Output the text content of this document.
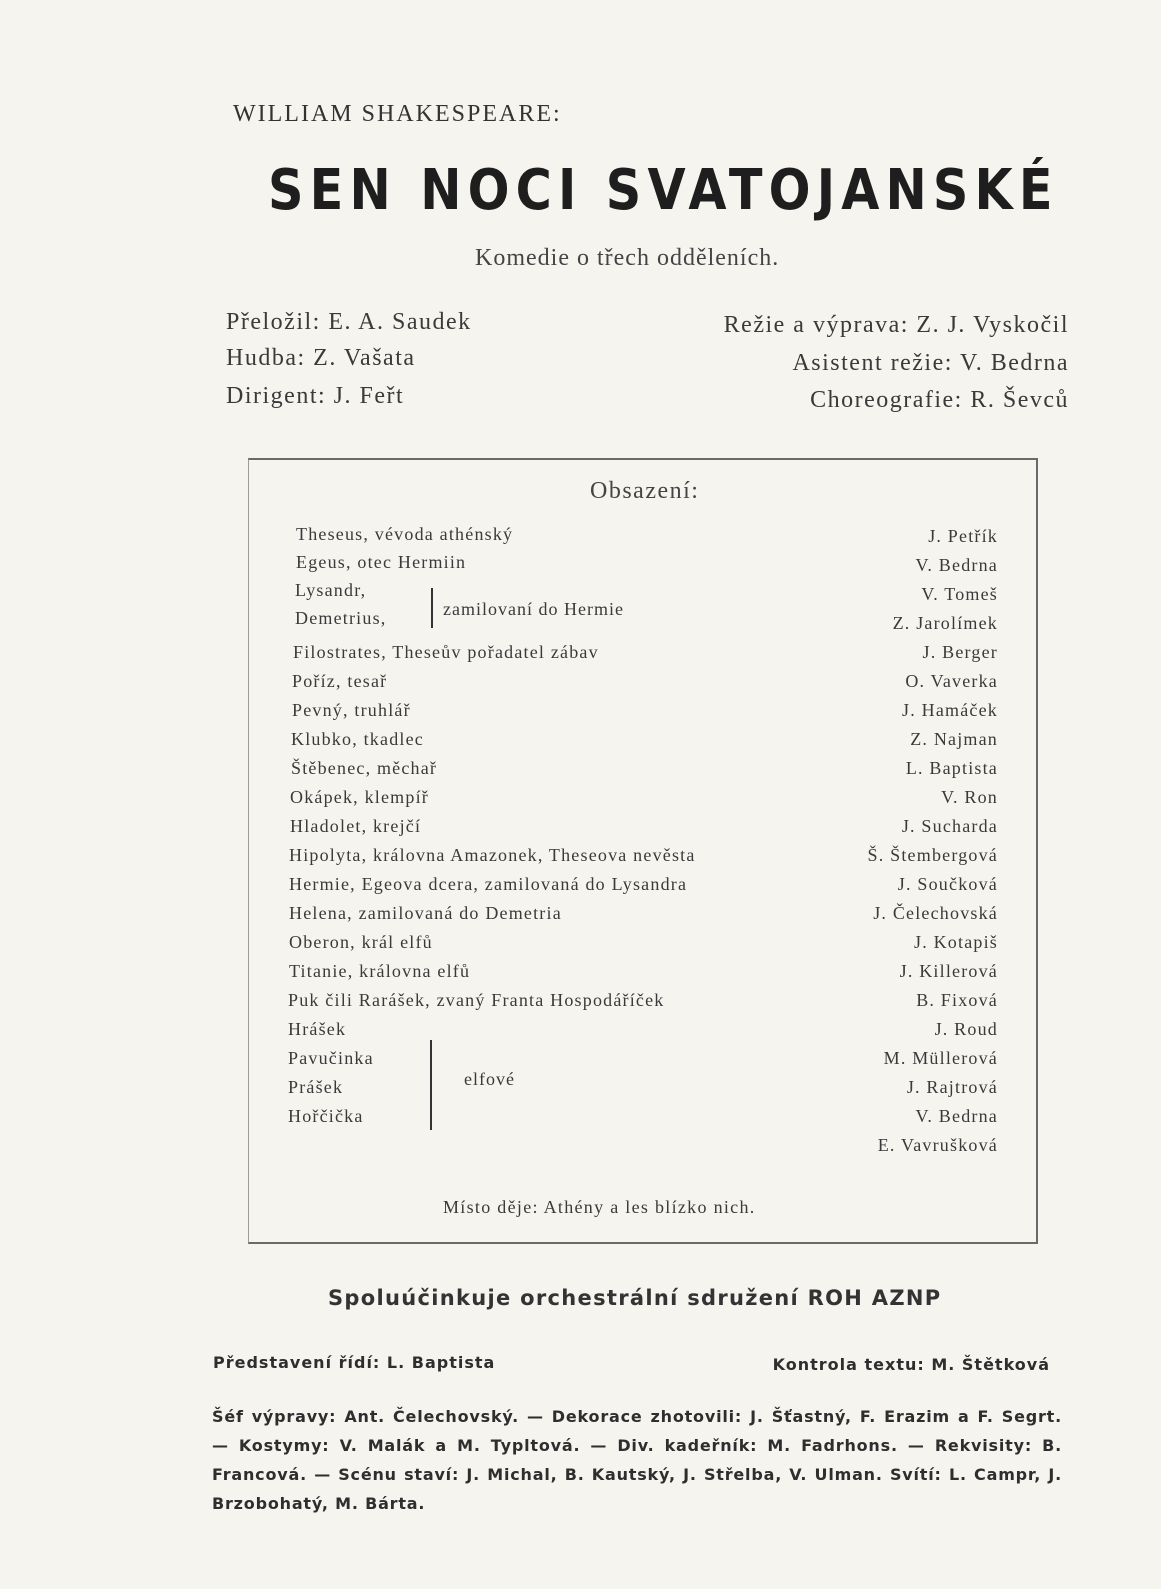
WILLIAM SHAKESPEARE:
SEN NOCI SVATOJANSKÉ
Komedie o třech odděleních.
Přeložil: E. A. Saudek
Hudba: Z. Vašata
Dirigent: J. Feřt
Režie a výprava: Z. J. Vyskočil
Asistent režie: V. Bedrna
Choreografie: R. Ševců
Obsazení:
Theseus, vévoda athénský
Egeus, otec Hermiin
Lysandr,
Demetrius,	zamilovaní do Hermie
Filostrates, Theseův pořadatel zábav
Poříz, tesař
Pevný, truhlář
Klubko, tkadlec
Štěbenec, měchař
Okápek, klempíř
Hladolet, krejčí
Hipolyta, královna Amazonek, Theseova nevěsta
Hermie, Egeova dcera, zamilovaná do Lysandra
Helena, zamilovaná do Demetria
Oberon, král elfů
Titanie, královna elfů
Puk čili Rarášek, zvaný Franta Hospodáříček
Hrášek
Pavučinka
Prášek
Hořčička
elfové
J. Petřík
V. Bedrna
V. Tomeš
Z. Jarolímek
J. Berger
O. Vaverka
J. Hamáček
Z. Najman
L. Baptista
V. Ron
J. Sucharda
Š. Štembergová
J. Součková
J. Čelechovská
J. Kotapiš
J. Killerová
B. Fixová
J. Roud
M. Müllerová
J. Rajtrová
V. Bedrna
E. Vavrušková
Místo děje: Athény a les blízko nich.
Spoluúčinkuje orchestrální sdružení ROH AZNP
Představení řídí: L. Baptista	Kontrola textu: M. Štětková
Šéf výpravy: Ant. Čelechovský. — Dekorace zhotovili: J. Šťastný, F. Erazim a F. Segrt. — Kostymy: V. Malák a M. Typltová. — Div. kadeřník: M. Fadrhons. — Rekvisity: B. Francová. — Scénu staví: J. Michal, B. Kautský, J. Střelba, V. Ulman. Svítí: L. Campr, J. Brzobohatý, M. Bárta.
